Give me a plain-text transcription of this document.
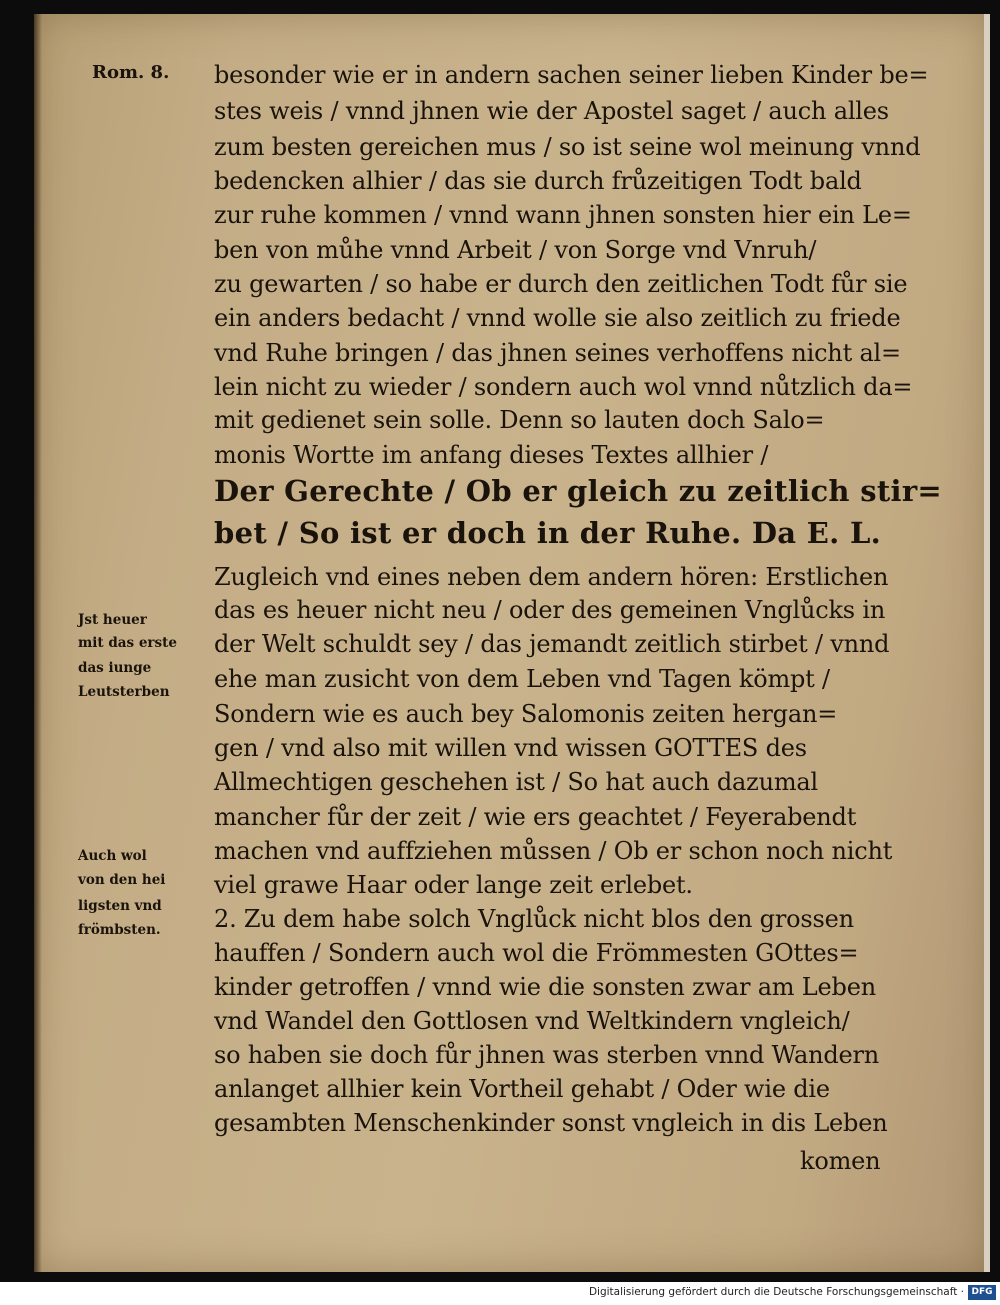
Rom. 8.
Jst heuer
mit das erste
das iunge
Leutsterben
Auch wol
von den hei
ligsten vnd
frömbsten.
besonder wie er in andern sachen seiner lieben Kinder be=
stes weis / vnnd jhnen wie der Apostel saget / auch alles
zum besten gereichen mus / so ist seine wol meinung vnnd
bedencken alhier / das sie durch frůzeitigen Todt bald
zur ruhe kommen / vnnd wann jhnen sonsten hier ein Le=
ben von můhe vnnd Arbeit / von Sorge vnd Vnruh/
zu gewarten / so habe er durch den zeitlichen Todt fůr sie
ein anders bedacht / vnnd wolle sie also zeitlich zu friede
vnd Ruhe bringen / das jhnen seines verhoffens nicht al=
lein nicht zu wieder / sondern auch wol vnnd nůtzlich da=
mit gedienet sein solle. Denn so lauten doch Salo=
monis Wortte im anfang dieses Textes allhier /
Der Gerechte / Ob er gleich zu zeitlich stir=
bet / So ist er doch in der Ruhe. Da E. L.
Zugleich vnd eines neben dem andern hören: Erstlichen
das es heuer nicht neu / oder des gemeinen Vnglůcks in
der Welt schuldt sey / das jemandt zeitlich stirbet / vnnd
ehe man zusicht von dem Leben vnd Tagen kömpt /
Sondern wie es auch bey Salomonis zeiten hergan=
gen / vnd also mit willen vnd wissen GOTTES des
Allmechtigen geschehen ist / So hat auch dazumal
mancher fůr der zeit / wie ers geachtet / Feyerabendt
machen vnd auffziehen můssen / Ob er schon noch nicht
viel grawe Haar oder lange zeit erlebet.
2. Zu dem habe solch Vnglůck nicht blos den grossen
hauffen / Sondern auch wol die Frömmesten GOttes=
kinder getroffen / vnnd wie die sonsten zwar am Leben
vnd Wandel den Gottlosen vnd Weltkindern vngleich/
so haben sie doch fůr jhnen was sterben vnnd Wandern
anlanget allhier kein Vortheil gehabt / Oder wie die
gesambten Menschenkinder sonst vngleich in dis Leben
komen
Digitalisierung gefördert durch die Deutsche Forschungsgemeinschaft · DFG
